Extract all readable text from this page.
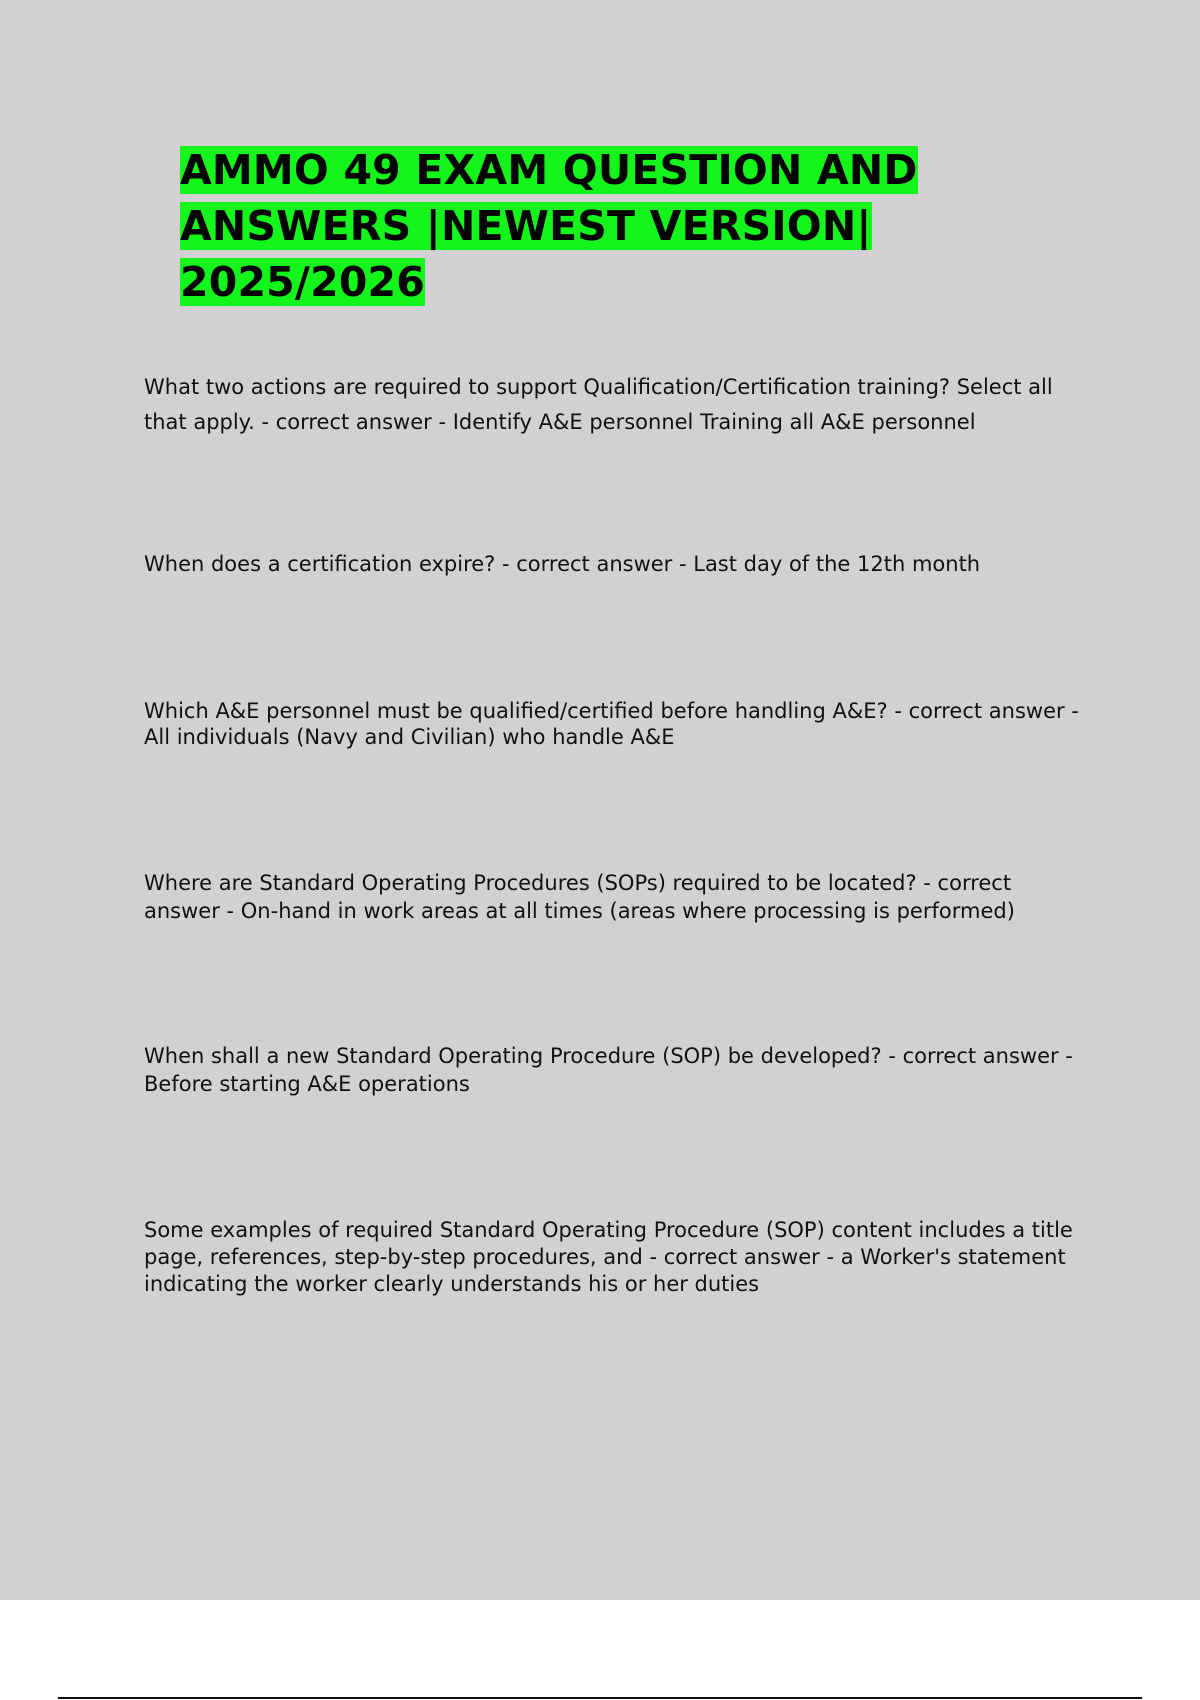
AMMO 49 EXAM QUESTION AND ANSWERS |NEWEST VERSION| 2025/2026

What two actions are required to support Qualification/Certification training? Select all that apply. - correct answer - Identify A&E personnel Training all A&E personnel

When does a certification expire? - correct answer - Last day of the 12th month

Which A&E personnel must be qualified/certified before handling A&E? - correct answer - All individuals (Navy and Civilian) who handle A&E

Where are Standard Operating Procedures (SOPs) required to be located? - correct answer - On-hand in work areas at all times (areas where processing is performed)

When shall a new Standard Operating Procedure (SOP) be developed? - correct answer - Before starting A&E operations

Some examples of required Standard Operating Procedure (SOP) content includes a title page, references, step-by-step procedures, and - correct answer - a Worker's statement indicating the worker clearly understands his or her duties
